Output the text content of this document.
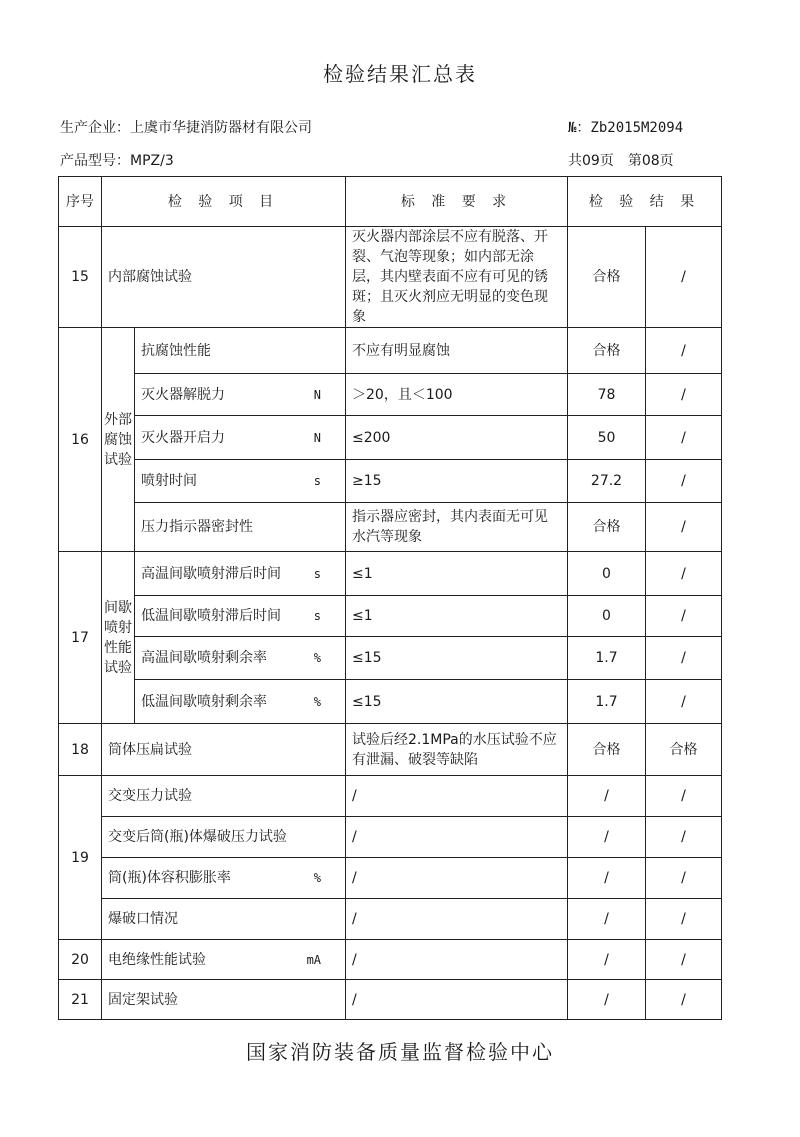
检验结果汇总表
生产企业：上虞市华捷消防器材有限公司	№：Zb2015M2094
产品型号：MPZ/3	共09页　第08页
序号	检 验 项 目		标 准 要 求	检 验 结 果	
15	内部腐蚀试验		灭火器内部涂层不应有脱落、开裂、气泡等现象；如内部无涂层，其内壁表面不应有可见的锈斑；且灭火剂应无明显的变色现象	合格	/
16	外部腐蚀试验	抗腐蚀性能	不应有明显腐蚀	合格	/

		灭火器解脱力 N	＞20，且＜100	78	/

		灭火器开启力 N	≤200	50	/

		喷射时间 s	≥15	27.2	/

		压力指示器密封性	指示器应密封，其内表面无可见水汽等现象	合格	/
17	间歇喷射性能试验	高温间歇喷射滞后时间 s	≤1	0	/

		低温间歇喷射滞后时间 s	≤1	0	/

		高温间歇喷射剩余率 %	≤15	1.7	/

		低温间歇喷射剩余率 %	≤15	1.7	/
18	筒体压扁试验		试验后经2.1MPa的水压试验不应有泄漏、破裂等缺陷	合格	合格
19	交变压力试验		/	/	/

	交变后筒(瓶)体爆破压力试验		/	/	/

	筒(瓶)体容积膨胀率 %		/	/	/

	爆破口情况		/	/	/
20	电绝缘性能试验 mA		/	/	/
21	固定架试验		/	/	/
国家消防装备质量监督检验中心
